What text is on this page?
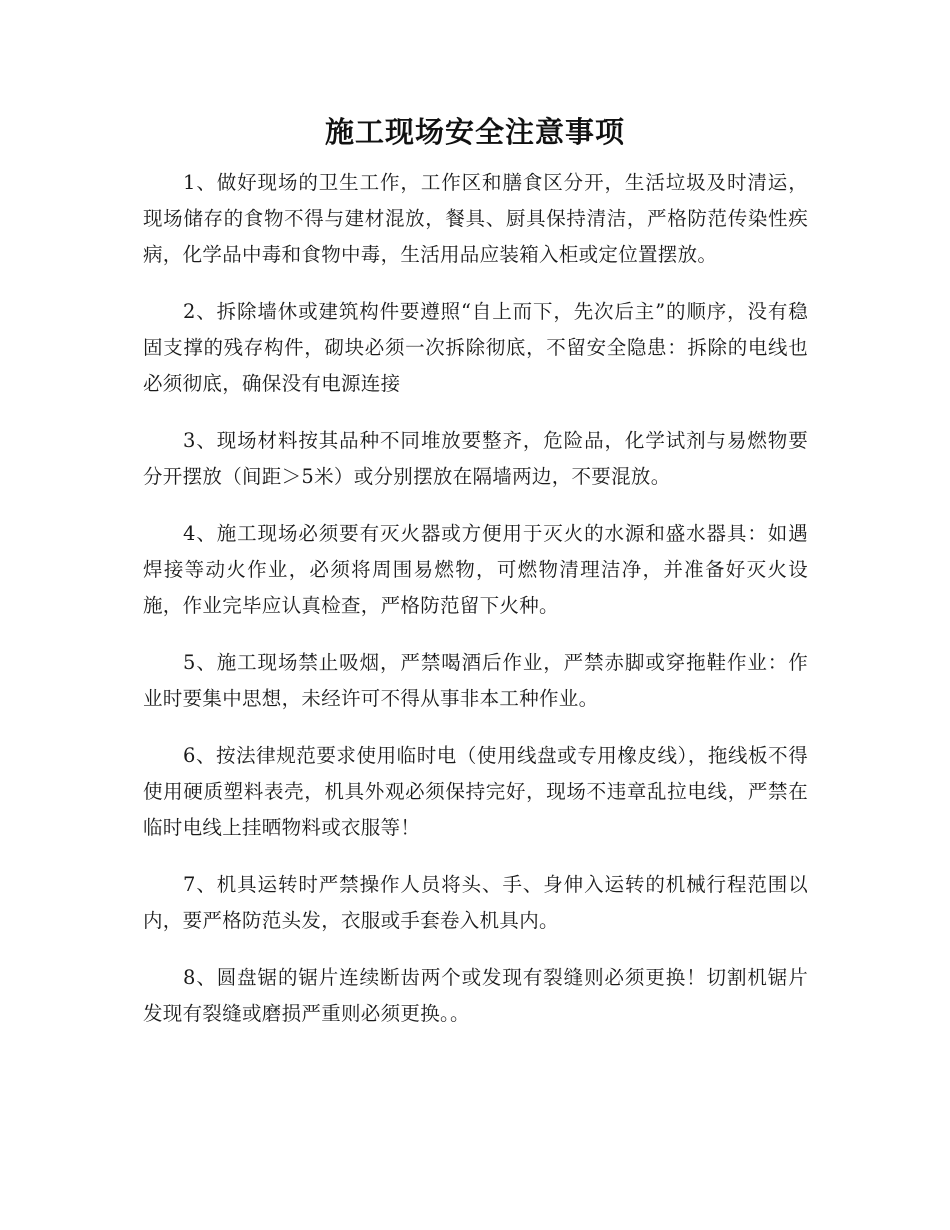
施工现场安全注意事项

1、做好现场的卫生工作，工作区和膳食区分开，生活垃圾及时清运，现场储存的食物不得与建材混放，餐具、厨具保持清洁，严格防范传染性疾病，化学品中毒和食物中毒，生活用品应装箱入柜或定位置摆放。

2、拆除墙休或建筑构件要遵照“自上而下，先次后主”的顺序，没有稳固支撑的残存构件，砌块必须一次拆除彻底，不留安全隐患：拆除的电线也必须彻底，确保没有电源连接

3、现场材料按其品种不同堆放要整齐，危险品，化学试剂与易燃物要分开摆放（间距＞5米）或分别摆放在隔墙两边，不要混放。

4、施工现场必须要有灭火器或方便用于灭火的水源和盛水器具：如遇焊接等动火作业，必须将周围易燃物，可燃物清理洁净，并准备好灭火设施，作业完毕应认真检查，严格防范留下火种。

5、施工现场禁止吸烟，严禁喝酒后作业，严禁赤脚或穿拖鞋作业：作业时要集中思想，未经许可不得从事非本工种作业。

6、按法律规范要求使用临时电（使用线盘或专用橡皮线），拖线板不得使用硬质塑料表壳，机具外观必须保持完好，现场不违章乱拉电线，严禁在临时电线上挂晒物料或衣服等！

7、机具运转时严禁操作人员将头、手、身伸入运转的机械行程范围以内，要严格防范头发，衣服或手套卷入机具内。

8、圆盘锯的锯片连续断齿两个或发现有裂缝则必须更换！切割机锯片发现有裂缝或磨损严重则必须更换。。
